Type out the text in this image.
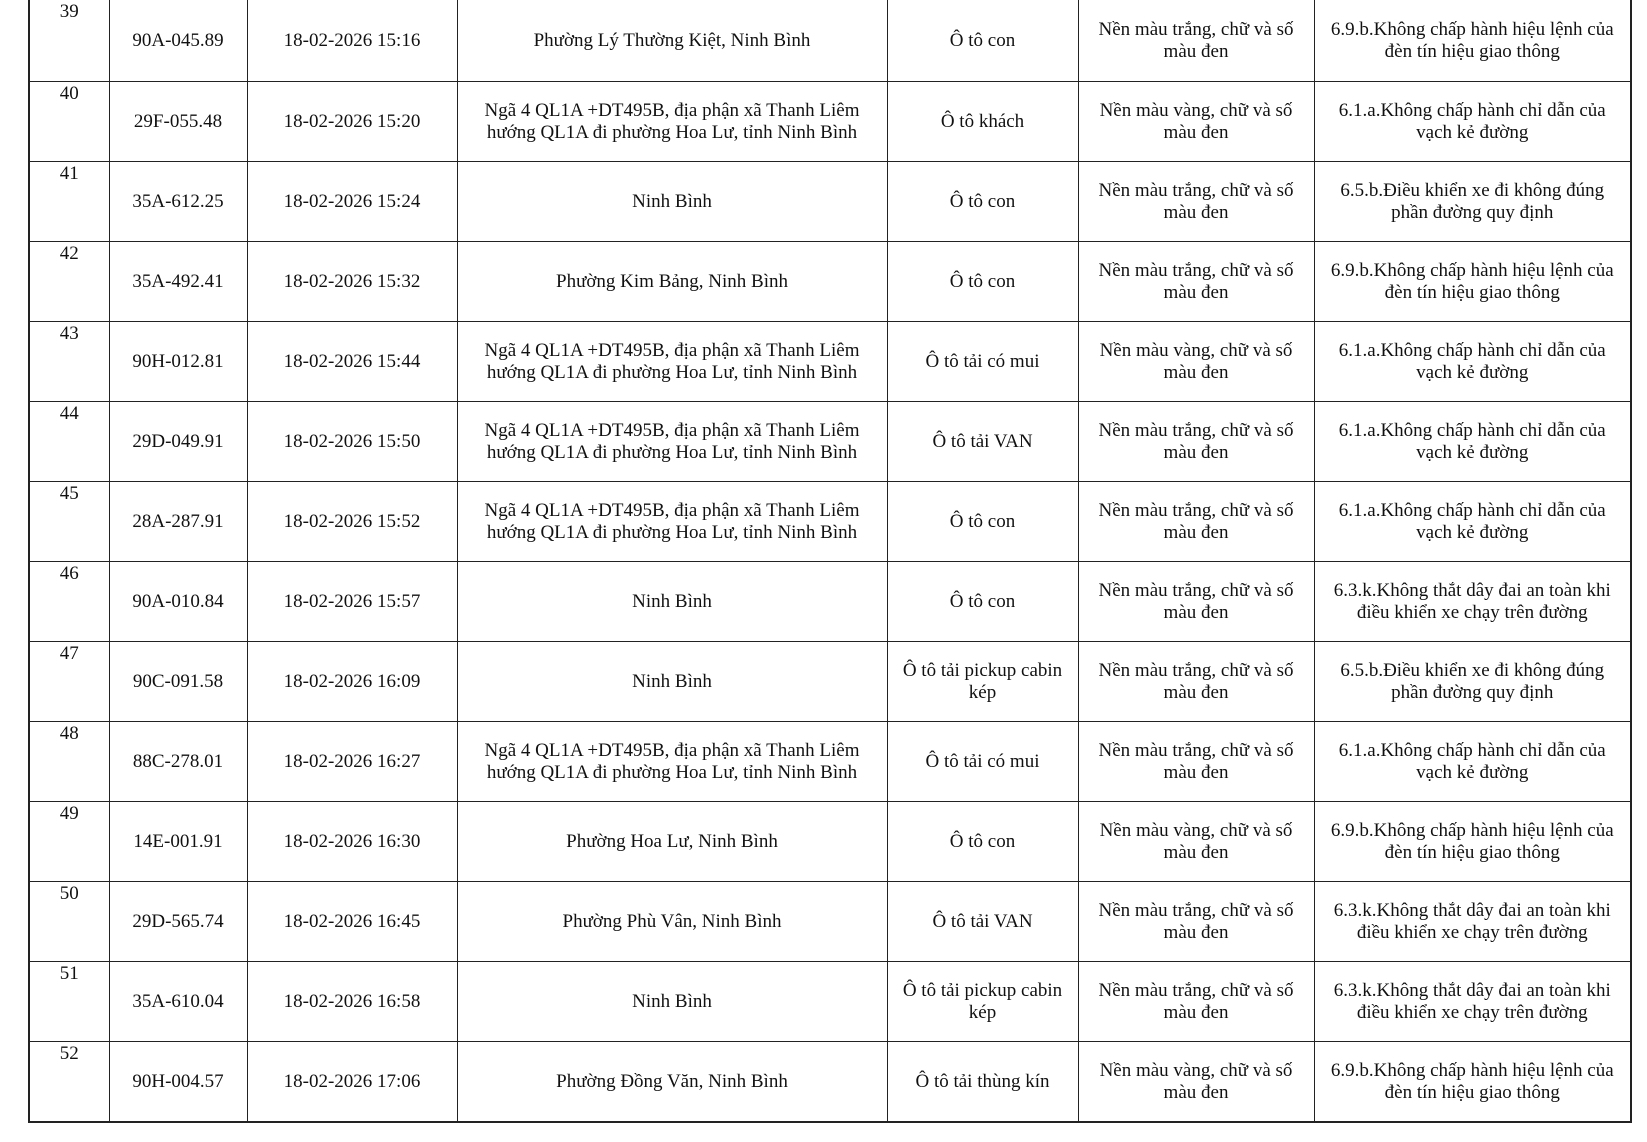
39	90A-045.89	18-02-2026 15:16	Phường Lý Thường Kiệt, Ninh Bình	Ô tô con	Nền màu trắng, chữ và số màu đen	6.9.b.Không chấp hành hiệu lệnh của đèn tín hiệu giao thông
40	29F-055.48	18-02-2026 15:20	Ngã 4 QL1A +DT495B, địa phận xã Thanh Liêm hướng QL1A đi phường Hoa Lư, tỉnh Ninh Bình	Ô tô khách	Nền màu vàng, chữ và số màu đen	6.1.a.Không chấp hành chỉ dẫn của vạch kẻ đường
41	35A-612.25	18-02-2026 15:24	Ninh Bình	Ô tô con	Nền màu trắng, chữ và số màu đen	6.5.b.Điều khiển xe đi không đúng phần đường quy định
42	35A-492.41	18-02-2026 15:32	Phường Kim Bảng, Ninh Bình	Ô tô con	Nền màu trắng, chữ và số màu đen	6.9.b.Không chấp hành hiệu lệnh của đèn tín hiệu giao thông
43	90H-012.81	18-02-2026 15:44	Ngã 4 QL1A +DT495B, địa phận xã Thanh Liêm hướng QL1A đi phường Hoa Lư, tỉnh Ninh Bình	Ô tô tải có mui	Nền màu vàng, chữ và số màu đen	6.1.a.Không chấp hành chỉ dẫn của vạch kẻ đường
44	29D-049.91	18-02-2026 15:50	Ngã 4 QL1A +DT495B, địa phận xã Thanh Liêm hướng QL1A đi phường Hoa Lư, tỉnh Ninh Bình	Ô tô tải VAN	Nền màu trắng, chữ và số màu đen	6.1.a.Không chấp hành chỉ dẫn của vạch kẻ đường
45	28A-287.91	18-02-2026 15:52	Ngã 4 QL1A +DT495B, địa phận xã Thanh Liêm hướng QL1A đi phường Hoa Lư, tỉnh Ninh Bình	Ô tô con	Nền màu trắng, chữ và số màu đen	6.1.a.Không chấp hành chỉ dẫn của vạch kẻ đường
46	90A-010.84	18-02-2026 15:57	Ninh Bình	Ô tô con	Nền màu trắng, chữ và số màu đen	6.3.k.Không thắt dây đai an toàn khi điều khiển xe chạy trên đường
47	90C-091.58	18-02-2026 16:09	Ninh Bình	Ô tô tải pickup cabin kép	Nền màu trắng, chữ và số màu đen	6.5.b.Điều khiển xe đi không đúng phần đường quy định
48	88C-278.01	18-02-2026 16:27	Ngã 4 QL1A +DT495B, địa phận xã Thanh Liêm hướng QL1A đi phường Hoa Lư, tỉnh Ninh Bình	Ô tô tải có mui	Nền màu trắng, chữ và số màu đen	6.1.a.Không chấp hành chỉ dẫn của vạch kẻ đường
49	14E-001.91	18-02-2026 16:30	Phường Hoa Lư, Ninh Bình	Ô tô con	Nền màu vàng, chữ và số màu đen	6.9.b.Không chấp hành hiệu lệnh của đèn tín hiệu giao thông
50	29D-565.74	18-02-2026 16:45	Phường Phù Vân, Ninh Bình	Ô tô tải VAN	Nền màu trắng, chữ và số màu đen	6.3.k.Không thắt dây đai an toàn khi điều khiển xe chạy trên đường
51	35A-610.04	18-02-2026 16:58	Ninh Bình	Ô tô tải pickup cabin kép	Nền màu trắng, chữ và số màu đen	6.3.k.Không thắt dây đai an toàn khi điều khiển xe chạy trên đường
52	90H-004.57	18-02-2026 17:06	Phường Đồng Văn, Ninh Bình	Ô tô tải thùng kín	Nền màu vàng, chữ và số màu đen	6.9.b.Không chấp hành hiệu lệnh của đèn tín hiệu giao thông
